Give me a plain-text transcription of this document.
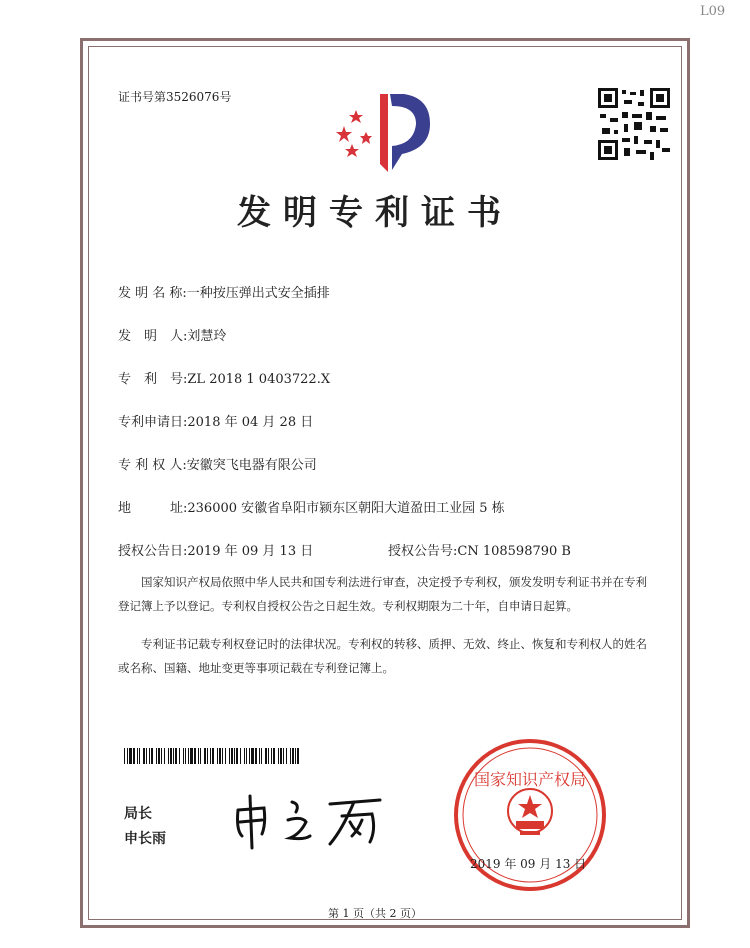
L09
证书号第3526076号
发明专利证书
发 明 名 称:一种按压弹出式安全插排
发　明　人:刘慧玲
专　利　号:ZL 2018 1 0403722.X
专利申请日:2018 年 04 月 28 日
专 利 权 人:安徽突飞电器有限公司
地　　　址:236000 安徽省阜阳市颍东区朝阳大道盈田工业园 5 栋
授权公告日:2019 年 09 月 13 日	授权公告号:CN 108598790 B

国家知识产权局依照中华人民共和国专利法进行审查，决定授予专利权，颁发发明专利证书并在专利登记簿上予以登记。专利权自授权公告之日起生效。专利权期限为二十年，自申请日起算。

专利证书记载专利权登记时的法律状况。专利权的转移、质押、无效、终止、恢复和专利权人的姓名或名称、国籍、地址变更等事项记载在专利登记簿上。

局长
申长雨
国家知识产权局
2019 年 09 月 13 日
第 1 页（共 2 页）
